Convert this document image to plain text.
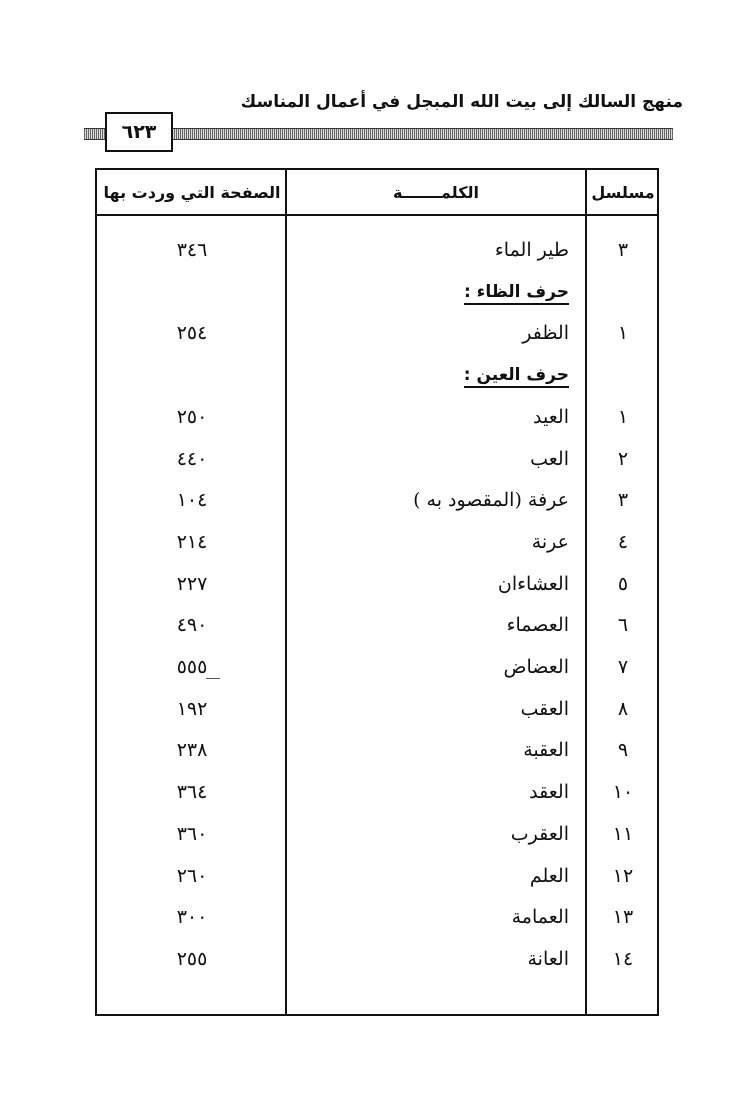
منهج السالك إلى بيت الله المبجل في أعمال المناسك
٦٢٣
مسلسل
الكلمـــــــة
الصفحة التي وردت بها
٣
طير الماء
٣٤٦
حرف الظاء :
١
الظفر
٢٥٤
حرف العين :
١
العيد
٢٥٠
٢
العب
٤٤٠
٣
عرفة (المقصود به )
١٠٤
٤
عرنة
٢١٤
٥
العشاءان
٢٢٧
٦
العصماء
٤٩٠
٧
العضاض
٥٥٥
٨
العقب
١٩٢
٩
العقبة
٢٣٨
١٠
العقد
٣٦٤
١١
العقرب
٣٦٠
١٢
العلم
٢٦٠
١٣
العمامة
٣٠٠
١٤
العانة
٢٥٥
